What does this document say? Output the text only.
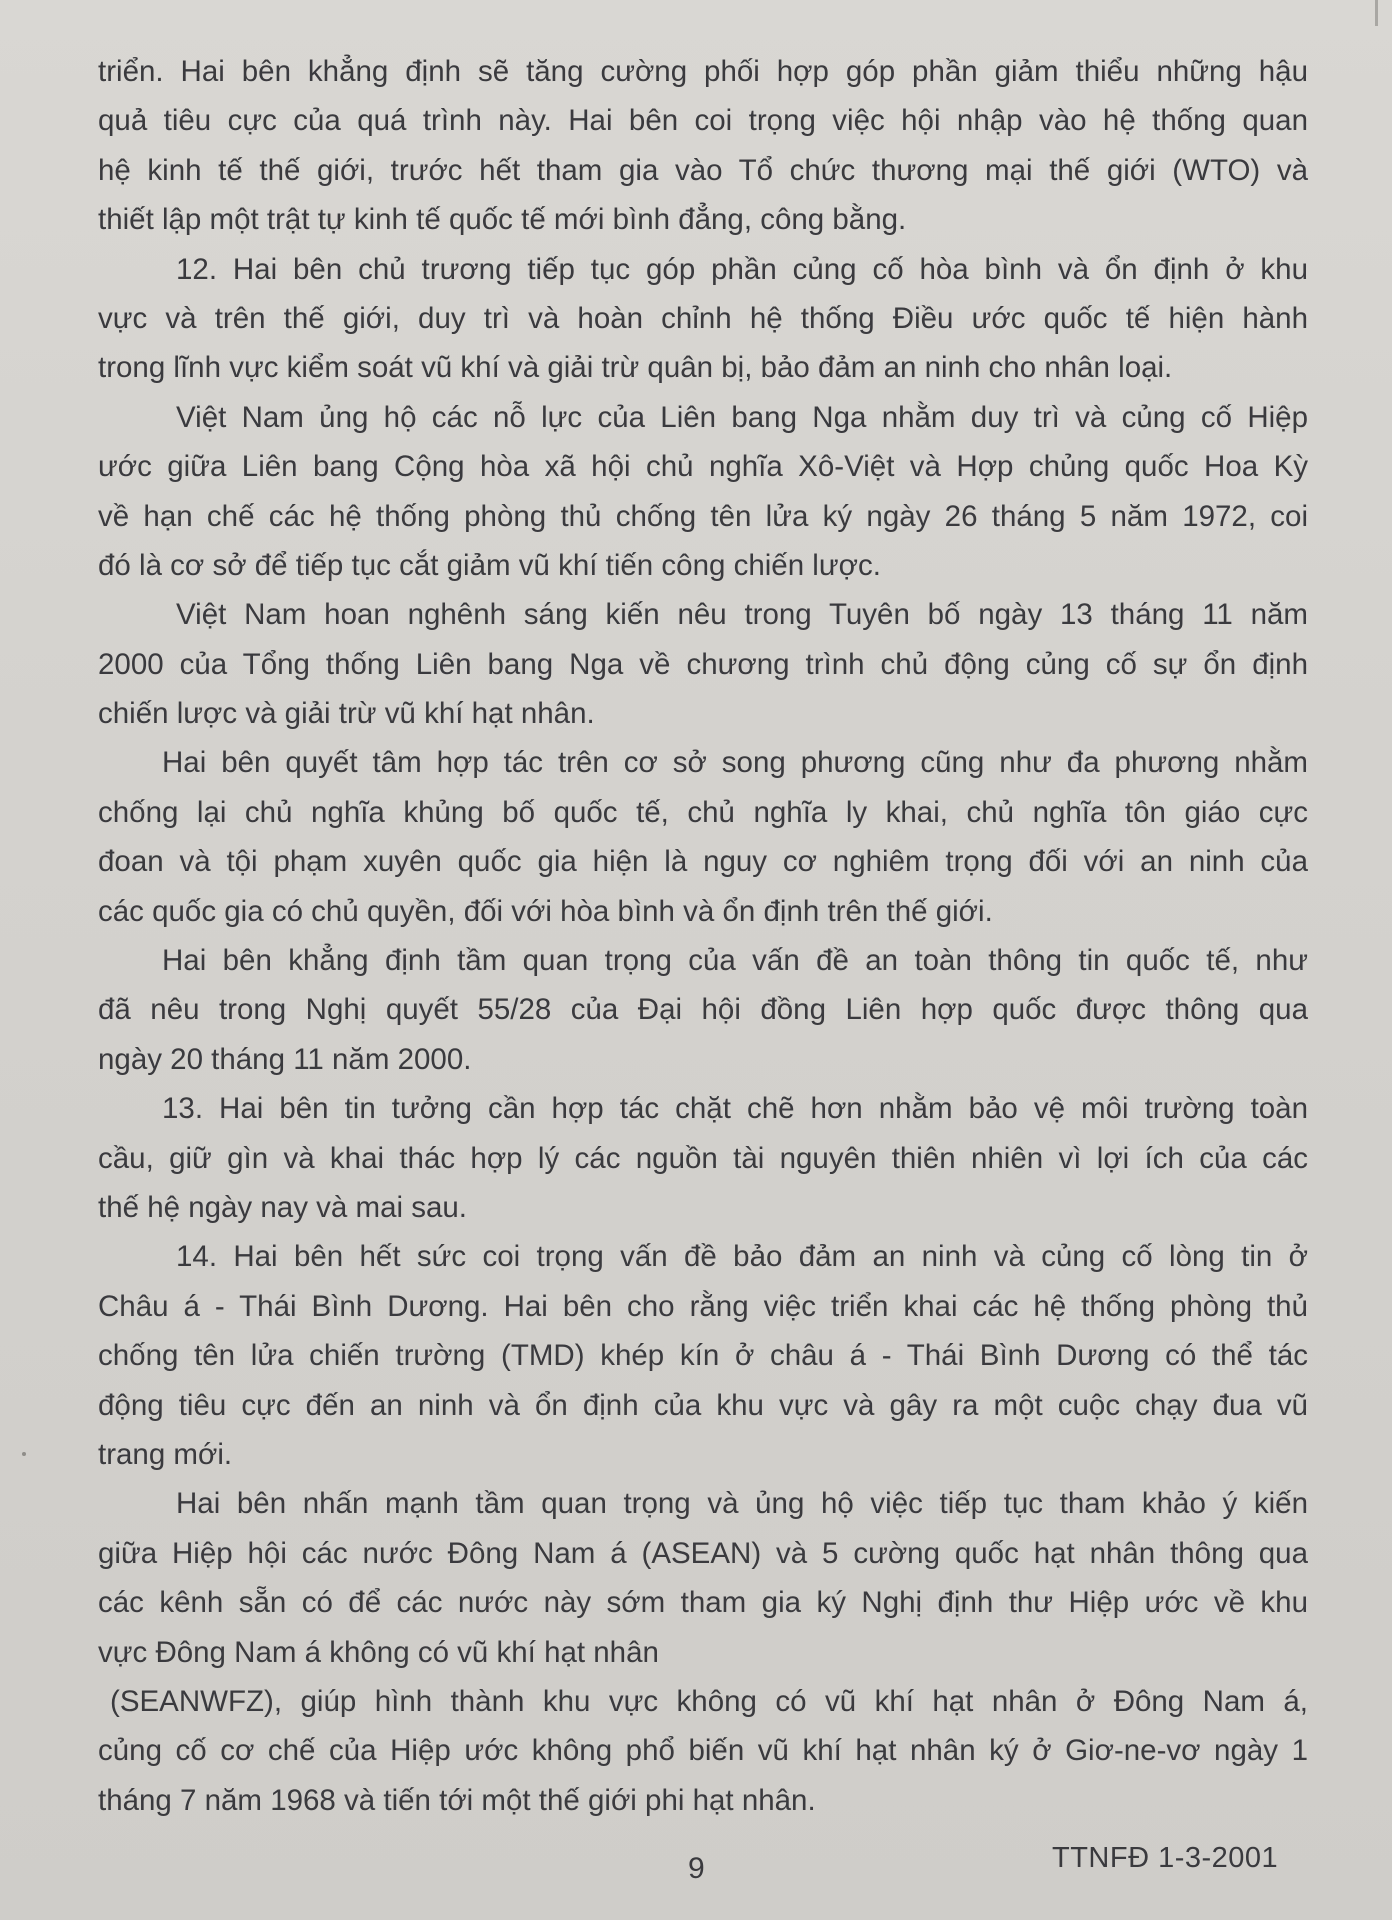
triển. Hai bên khẳng định sẽ tăng cường phối hợp góp phần giảm thiểu những hậu
quả tiêu cực của quá trình này. Hai bên coi trọng việc hội nhập vào hệ thống quan
hệ kinh tế thế giới, trước hết tham gia vào Tổ chức thương mại thế giới (WTO) và
thiết lập một trật tự kinh tế quốc tế mới bình đẳng, công bằng.
12. Hai bên chủ trương tiếp tục góp phần củng cố hòa bình và ổn định ở khu
vực và trên thế giới, duy trì và hoàn chỉnh hệ thống Điều ước quốc tế hiện hành
trong lĩnh vực kiểm soát vũ khí và giải trừ quân bị, bảo đảm an ninh cho nhân loại.
Việt Nam ủng hộ các nỗ lực của Liên bang Nga nhằm duy trì và củng cố Hiệp
ước giữa Liên bang Cộng hòa xã hội chủ nghĩa Xô-Việt và Hợp chủng quốc Hoa Kỳ
về hạn chế các hệ thống phòng thủ chống tên lửa ký ngày 26 tháng 5 năm 1972, coi
đó là cơ sở để tiếp tục cắt giảm vũ khí tiến công chiến lược.
Việt Nam hoan nghênh sáng kiến nêu trong Tuyên bố ngày 13 tháng 11 năm
2000 của Tổng thống Liên bang Nga về chương trình chủ động củng cố sự ổn định
chiến lược và giải trừ vũ khí hạt nhân.
Hai bên quyết tâm hợp tác trên cơ sở song phương cũng như đa phương nhằm
chống lại chủ nghĩa khủng bố quốc tế, chủ nghĩa ly khai, chủ nghĩa tôn giáo cực
đoan và tội phạm xuyên quốc gia hiện là nguy cơ nghiêm trọng đối với an ninh của
các quốc gia có chủ quyền, đối với hòa bình và ổn định trên thế giới.
Hai bên khẳng định tầm quan trọng của vấn đề an toàn thông tin quốc tế, như
đã nêu trong Nghị quyết 55/28 của Đại hội đồng Liên hợp quốc được thông qua
ngày 20 tháng 11 năm 2000.
13. Hai bên tin tưởng cần hợp tác chặt chẽ hơn nhằm bảo vệ môi trường toàn
cầu, giữ gìn và khai thác hợp lý các nguồn tài nguyên thiên nhiên vì lợi ích của các
thế hệ ngày nay và mai sau.
14. Hai bên hết sức coi trọng vấn đề bảo đảm an ninh và củng cố lòng tin ở
Châu á - Thái Bình Dương. Hai bên cho rằng việc triển khai các hệ thống phòng thủ
chống tên lửa chiến trường (TMD) khép kín ở châu á - Thái Bình Dương có thể tác
động tiêu cực đến an ninh và ổn định của khu vực và gây ra một cuộc chạy đua vũ
trang mới.
Hai bên nhấn mạnh tầm quan trọng và ủng hộ việc tiếp tục tham khảo ý kiến
giữa Hiệp hội các nước Đông Nam á (ASEAN) và 5 cường quốc hạt nhân thông qua
các kênh sẵn có để các nước này sớm tham gia ký Nghị định thư Hiệp ước về khu
vực Đông Nam á không có vũ khí hạt nhân
(SEANWFZ), giúp hình thành khu vực không có vũ khí hạt nhân ở Đông Nam á,
củng cố cơ chế của Hiệp ước không phổ biến vũ khí hạt nhân ký ở Giơ-ne-vơ ngày 1
tháng 7 năm 1968 và tiến tới một thế giới phi hạt nhân.
9	TTNFĐ 1-3-2001
